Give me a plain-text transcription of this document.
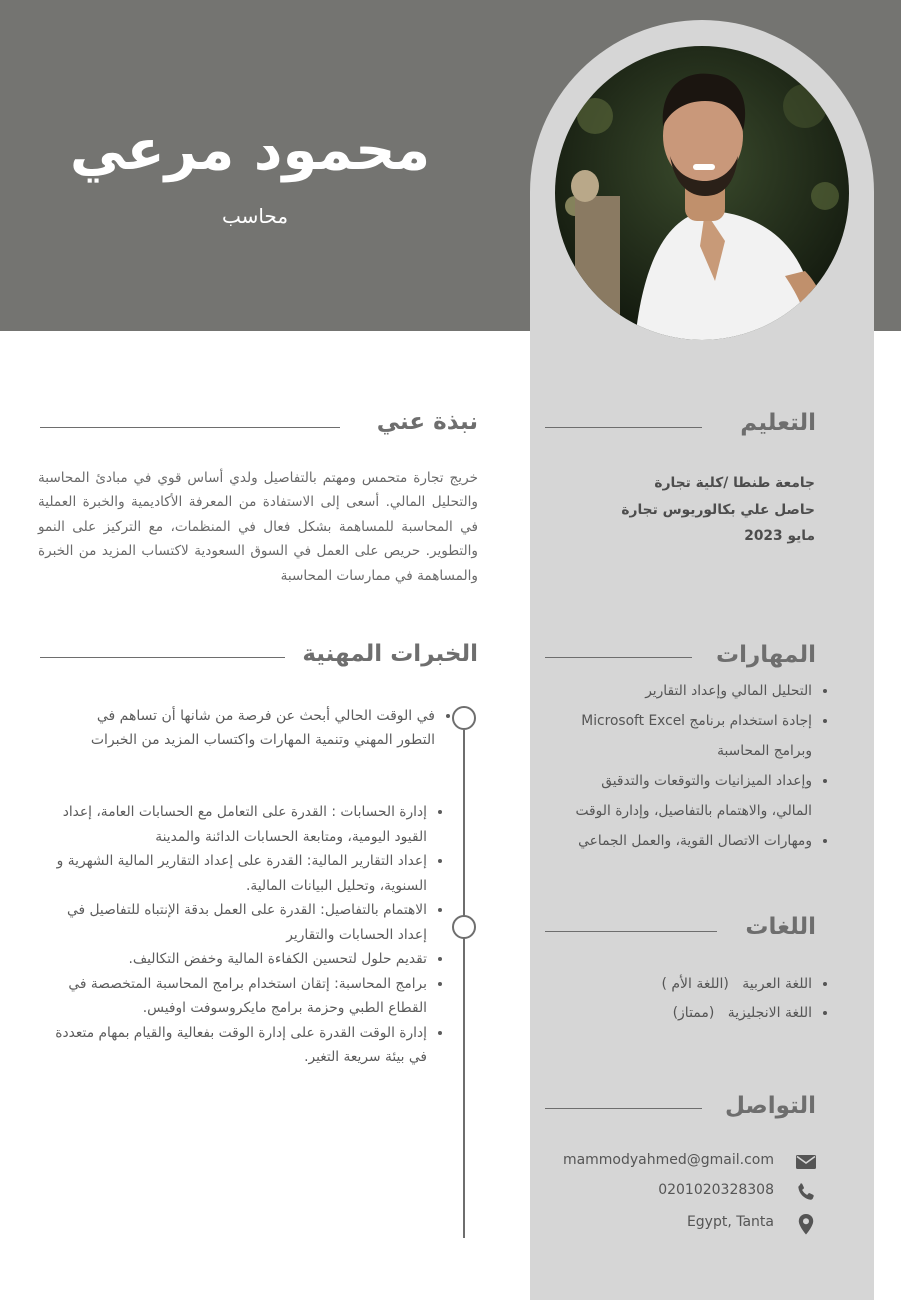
محمود مرعي
محاسب
نبذة عني
خريج تجارة متحمس ومهتم بالتفاصيل ولدي أساس قوي في مبادئ المحاسبة والتحليل المالي. أسعى إلى الاستفادة من المعرفة الأكاديمية والخبرة العملية في المحاسبة للمساهمة بشكل فعال في المنظمات، مع التركيز على النمو والتطوير. حريص على العمل في السوق السعودية لاكتساب المزيد من الخبرة والمساهمة في ممارسات المحاسبة
الخبرات المهنية
• في الوقت الحالي أبحث عن فرصة من شانها أن تساهم في التطور المهني وتنمية المهارات واكتساب المزيد من الخبرات
• إدارة الحسابات : القدرة على التعامل مع الحسابات العامة، إعداد القيود اليومية، ومتابعة الحسابات الدائنة والمدينة
• إعداد التقارير المالية: القدرة على إعداد التقارير المالية الشهرية و السنوية، وتحليل البيانات المالية.
• الاهتمام بالتفاصيل: القدرة على العمل بدقة الإنتباه للتفاصيل في إعداد الحسابات والتقارير
• تقديم حلول لتحسين الكفاءة المالية وخفض التكاليف.
• برامج المحاسبة: إتقان استخدام برامج المحاسبة المتخصصة في القطاع الطبي وحزمة برامج مايكروسوفت اوفيس.
• إدارة الوقت القدرة على إدارة الوقت بفعالية والقيام بمهام متعددة في بيئة سريعة التغير.
التعليم
جامعة طنطا /كلية تجارة
حاصل علي بكالوريوس تجارة
مايو 2023
المهارات
• التحليل المالي وإعداد التقارير
• إجادة استخدام برنامج Microsoft Excel وبرامج المحاسبة
• وإعداد الميزانيات والتوقعات والتدقيق المالي، والاهتمام بالتفاصيل، وإدارة الوقت
• ومهارات الاتصال القوية، والعمل الجماعي
اللغات
• اللغة العربية   (اللغة الأم )
• اللغة الانجليزية   (ممتاز)
التواصل
mammodyahmed@gmail.com
0201020328308
Egypt, Tanta
